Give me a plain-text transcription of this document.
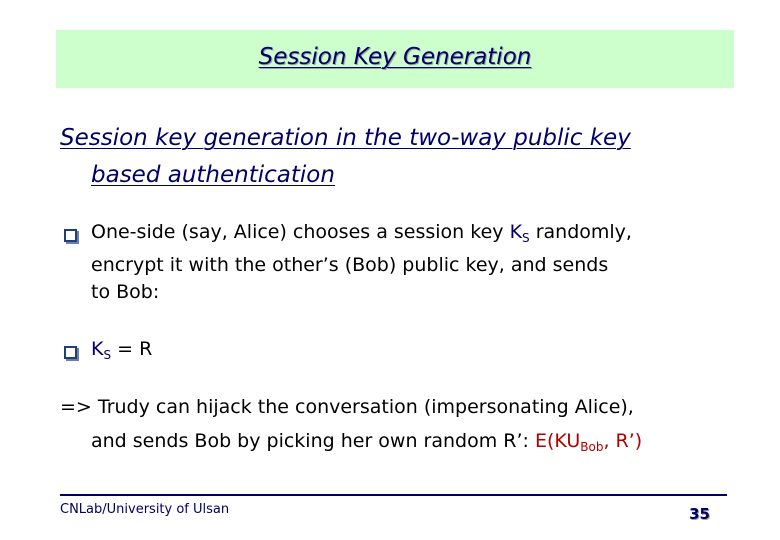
Session Key Generation
Session key generation in the two-way public key
based authentication
One-side (say, Alice) chooses a session key $K_S$ randomly,
encrypt it with the other’s (Bob) public key, and sends
to Bob:
$K_S = R$
=> Trudy can hijack the conversation (impersonating Alice),
and sends Bob by picking her own random R’: $E(KU_{Bob}$, R’)
CNLab/University of Ulsan	35
